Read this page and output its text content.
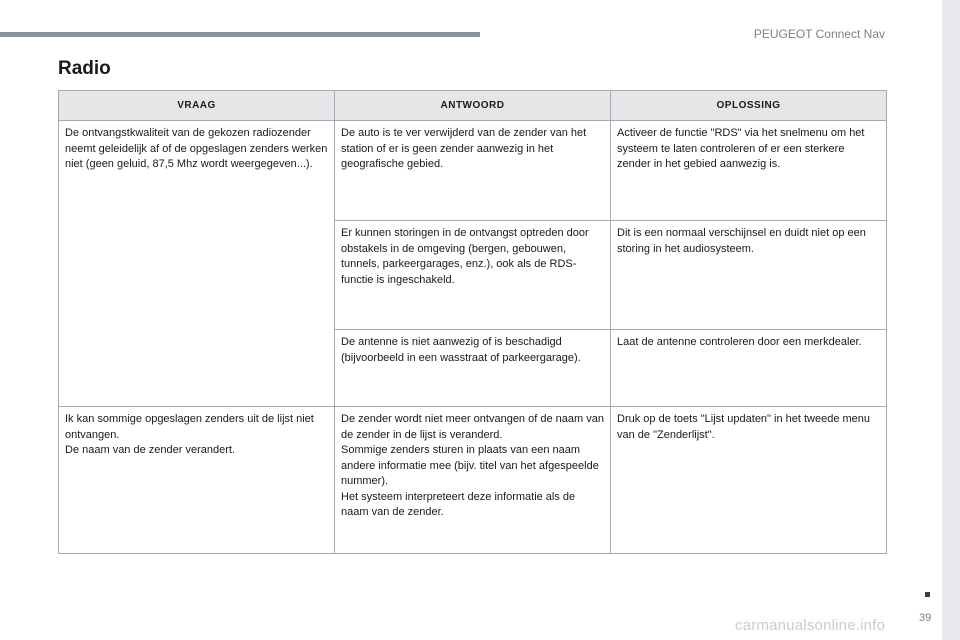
PEUGEOT Connect Nav
Radio
VRAAG	ANTWOORD	OPLOSSING

De ontvangstkwaliteit van de gekozen radiozender neemt geleidelijk af of de opgeslagen zenders werken niet (geen geluid, 87,5 Mhz wordt weergegeven...).	De auto is te ver verwijderd van de zender van het station of er is geen zender aanwezig in het geografische gebied.	Activeer de functie "RDS" via het snelmenu om het systeem te laten controleren of er een sterkere zender in het gebied aanwezig is.

	Er kunnen storingen in de ontvangst optreden door obstakels in de omgeving (bergen, gebouwen, tunnels, parkeergarages, enz.), ook als de RDS-functie is ingeschakeld.	Dit is een normaal verschijnsel en duidt niet op een storing in het audiosysteem.

	De antenne is niet aanwezig of is beschadigd (bijvoorbeeld in een wasstraat of parkeergarage).	Laat de antenne controleren door een merkdealer.

Ik kan sommige opgeslagen zenders uit de lijst niet ontvangen.
De naam van de zender verandert.	De zender wordt niet meer ontvangen of de naam van de zender in de lijst is veranderd.
Sommige zenders sturen in plaats van een naam andere informatie mee (bijv. titel van het afgespeelde nummer).
Het systeem interpreteert deze informatie als de naam van de zender.	Druk op de toets "Lijst updaten" in het tweede menu van de "Zenderlijst".
39
carmanualsonline.info
